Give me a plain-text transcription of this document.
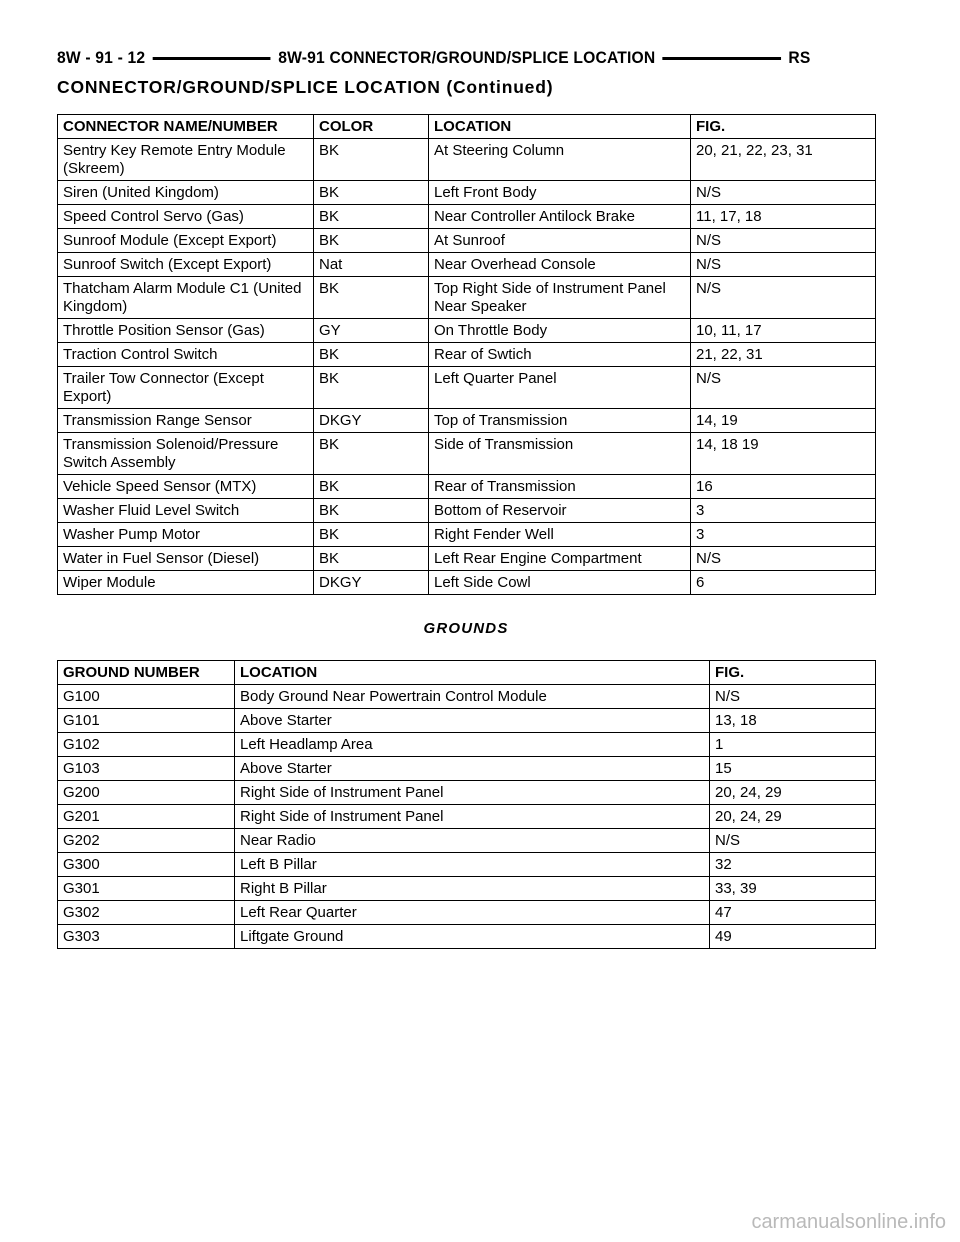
8W - 91 - 12	8W-91 CONNECTOR/GROUND/SPLICE LOCATION	RS
CONNECTOR/GROUND/SPLICE LOCATION (Continued)
CONNECTOR NAME/NUMBER	COLOR	LOCATION	FIG.
Sentry Key Remote Entry Module (Skreem)	BK	At Steering Column	20, 21, 22, 23, 31
Siren (United Kingdom)	BK	Left Front Body	N/S
Speed Control Servo (Gas)	BK	Near Controller Antilock Brake	11, 17, 18
Sunroof Module (Except Export)	BK	At Sunroof	N/S
Sunroof Switch (Except Export)	Nat	Near Overhead Console	N/S
Thatcham Alarm Module C1 (United Kingdom)	BK	Top Right Side of Instrument Panel Near Speaker	N/S
Throttle Position Sensor (Gas)	GY	On Throttle Body	10, 11, 17
Traction Control Switch	BK	Rear of Swtich	21, 22, 31
Trailer Tow Connector (Except Export)	BK	Left Quarter Panel	N/S
Transmission Range Sensor	DKGY	Top of Transmission	14, 19
Transmission Solenoid/Pressure Switch Assembly	BK	Side of Transmission	14, 18 19
Vehicle Speed Sensor (MTX)	BK	Rear of Transmission	16
Washer Fluid Level Switch	BK	Bottom of Reservoir	3
Washer Pump Motor	BK	Right Fender Well	3
Water in Fuel Sensor (Diesel)	BK	Left Rear Engine Compartment	N/S
Wiper Module	DKGY	Left Side Cowl	6
GROUNDS
GROUND NUMBER	LOCATION	FIG.
G100	Body Ground Near Powertrain Control Module	N/S
G101	Above Starter	13, 18
G102	Left Headlamp Area	1
G103	Above Starter	15
G200	Right Side of Instrument Panel	20, 24, 29
G201	Right Side of Instrument Panel	20, 24, 29
G202	Near Radio	N/S
G300	Left B Pillar	32
G301	Right B Pillar	33, 39
G302	Left Rear Quarter	47
G303	Liftgate Ground	49
carmanualsonline.info
